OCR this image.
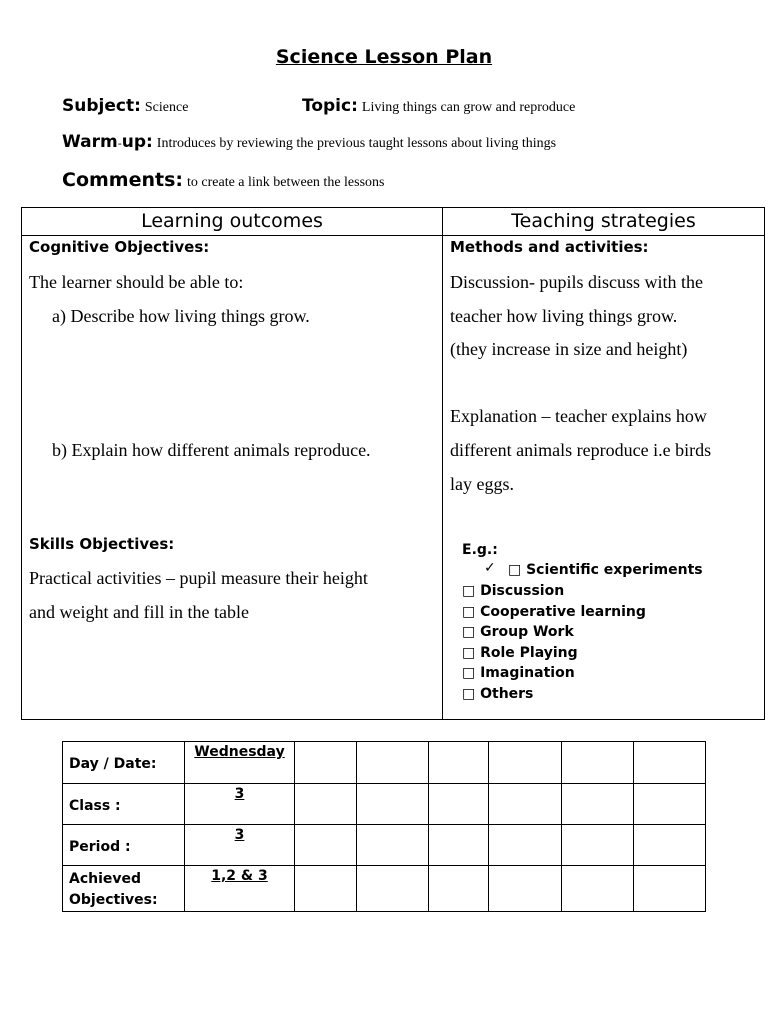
Science Lesson Plan
Subject: Science	Topic: Living things can grow and reproduce
Warm-up: Introduces by reviewing the previous taught lessons about living things
Comments: to create a link between the lessons
Learning outcomes	Teaching strategies
Cognitive Objectives:
The learner should be able to:
a) Describe how living things grow.
b) Explain how different animals reproduce.
Skills Objectives:
Practical activities – pupil measure their height
and weight and fill in the table
Methods and activities:
Discussion- pupils discuss with the
teacher how living things grow.
(they increase in size and height)
Explanation – teacher explains how
different animals reproduce i.e birds
lay eggs.
E.g.:
✓ □ Scientific experiments
□ Discussion
□ Cooperative learning
□ Group Work
□ Role Playing
□ Imagination
□ Others
Day / Date:	Wednesday						
Class :	3						
Period :	3						
Achieved
Objectives:	1,2 & 3						
